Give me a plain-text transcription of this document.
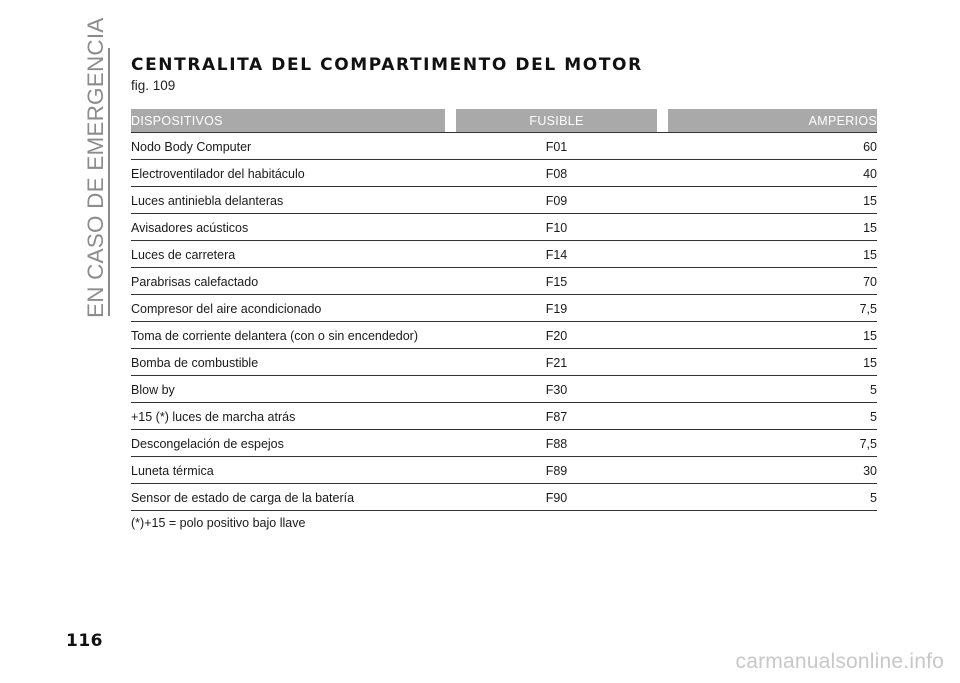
EN CASO DE EMERGENCIA	CENTRALITA DEL COMPARTIMENTO DEL MOTOR
fig. 109
DISPOSITIVOS	FUSIBLE	AMPERIOS
Nodo Body Computer	F01	60
Electroventilador del habitáculo	F08	40
Luces antiniebla delanteras	F09	15
Avisadores acústicos	F10	15
Luces de carretera	F14	15
Parabrisas calefactado	F15	70
Compresor del aire acondicionado	F19	7,5
Toma de corriente delantera (con o sin encendedor)	F20	15
Bomba de combustible	F21	15
Blow by	F30	5
+15 (*) luces de marcha atrás	F87	5
Descongelación de espejos	F88	7,5
Luneta térmica	F89	30
Sensor de estado de carga de la batería	F90	5
(*)+15 = polo positivo bajo llave
116
carmanualsonline.info
